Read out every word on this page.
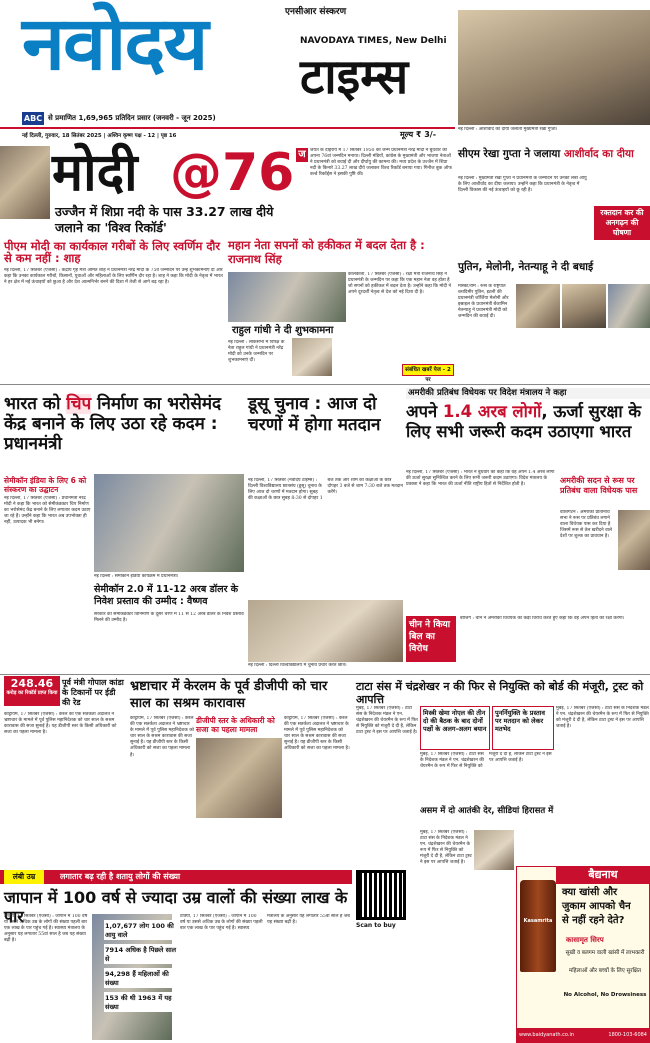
नवोदय	एनसीआर संस्करण
NAVODAYA TIMES, New Delhi
टाइम्स
ABC से प्रमाणित 1,69,965 प्रतिदिन प्रसार (जनवरी - जून 2025)
नई दिल्ली, गुरुवार, 18 सितंबर 2025 | अश्विन कृष्ण पक्ष - 12 | पृष्ठ 16	मूल्य ₹ 3/-
नई दिल्ली : आशीर्वाद का दीया जलाती मुख्यमंत्री रेखा गुप्ता।
मोदी @76
उज्जैन में शिप्रा नदी के पास 33.27 लाख दीये जलाने का 'विश्व रिकॉर्ड'
ज जयंत के दोहराय में 17 सितंबर 1950 को जन्मे प्रधानमंत्री नरेंद्र मोदी ने बुधवार को अपना 76वां जन्मदिन मनाया। दिल्ली मंडियों, कांग्रेस के मुख्यमंत्री और भाजपा नेताओं ने प्रधानमंत्री को बधाई दी और दीर्घायु की कामना की। मध्य प्रदेश के उज्जैन में शिप्रा नदी के किनारे 33.27 लाख दीये जलाकर विश्व रिकॉर्ड बनाया गया। गिनीज बुक ऑफ वर्ल्ड रिकॉर्ड्स ने इसकी पुष्टि की।
पीएम मोदी का कार्यकाल गरीबों के लिए स्वर्णिम दौर से कम नहीं : शाह
नई दिल्ली, 17 सितंबर (एजेंसी) : केंद्रीय गृह मंत्री अमित शाह ने प्रधानमंत्री नरेंद्र मोदी के 75वें जन्मदिन पर उन्हें शुभकामनाएं दीं और कहा कि उनका कार्यकाल गरीबों, किसानों, युवाओं और महिलाओं के लिए स्वर्णिम दौर रहा है। शाह ने कहा कि मोदी के नेतृत्व में भारत ने हर क्षेत्र में नई ऊंचाइयों को छुआ है और देश आत्मनिर्भर बनने की दिशा में तेजी से आगे बढ़ रहा है।
महान नेता सपनों को हकीकत में बदल देता है : राजनाथ सिंह
कोलकाता, 17 सितंबर (एजेंसी) : रक्षा मंत्री राजनाथ सिंह ने प्रधानमंत्री के जन्मदिन पर कहा कि एक महान नेता वह होता है जो सपनों को हकीकत में बदल देता है। उन्होंने कहा कि मोदी ने अपने दूरदर्शी नेतृत्व से देश को नई दिशा दी है।
राहुल गांधी ने दी शुभकामना
नई दिल्ली : लोकसभा में विपक्ष के नेता राहुल गांधी ने प्रधानमंत्री नरेंद्र मोदी को उनके जन्मदिन पर शुभकामनाएं दीं।
संबंधित खबरें पेज - 2 पर
सीएम रेखा गुप्ता ने जलाया आशीर्वाद का दीया
नई दिल्ली : मुख्यमंत्री रेखा गुप्ता ने प्रधानमंत्री के जन्मदिन पर उनकी लंबी आयु के लिए आशीर्वाद का दीया जलाया। उन्होंने कहा कि प्रधानमंत्री के नेतृत्व में दिल्ली विकास की नई ऊंचाइयों को छू रही है।
रक्तदान कर की अनगढ़न की घोषणा
पुतिन, मेलोनी, नेतन्याहू ने दी बधाई
मॉस्को/रोम : रूस के राष्ट्रपति व्लादिमीर पुतिन, इटली की प्रधानमंत्री जॉर्जिया मेलोनी और इस्राइल के प्रधानमंत्री बेंजामिन नेतन्याहू ने प्रधानमंत्री मोदी को जन्मदिन की बधाई दी।
भारत को चिप निर्माण का भरोसेमंद केंद्र बनाने के लिए उठा रहे कदम : प्रधानमंत्री
सेमीकॉन इंडिया के लिए 6 को संस्करण का उद्घाटन
नई दिल्ली, 17 सितंबर (एजेंसी) : प्रधानमंत्री नरेंद्र मोदी ने कहा कि भारत को सेमीकंडक्टर चिप निर्माण का भरोसेमंद केंद्र बनाने के लिए लगातार कदम उठाए जा रहे हैं। उन्होंने कहा कि भारत अब उपभोक्ता ही नहीं, उत्पादक भी बनेगा।
नई दिल्ली : सेमीकॉन इंडिया कार्यक्रम में प्रधानमंत्री।
सेमीकॉन 2.0 में 11-12 अरब डॉलर के निवेश प्रस्ताव की उम्मीद : वैष्णव
सरकार को सेमीकंडक्टर विनिर्माण के दूसरे चरण में 11 से 12 अरब डॉलर के निवेश प्रस्ताव मिलने की उम्मीद है।
डूसू चुनाव : आज दो चरणों में होगा मतदान
नई दिल्ली, 17 सितंबर (नवोदय टाइम्स) : दिल्ली विश्वविद्यालय छात्रसंघ (डूसू) चुनाव के लिए आज दो चरणों में मतदान होगा। सुबह की कक्षाओं के छात्र सुबह 8:30 से दोपहर 1 बजे तक और शाम की कक्षाओं के छात्र दोपहर 3 बजे से शाम 7:30 बजे तक मतदान करेंगे।
नई दिल्ली : दिल्ली विश्वविद्यालय में चुनाव प्रचार करते छात्र।
अमरीकी प्रतिबंध विधेयक पर विदेश मंत्रालय ने कहा
अपने 1.4 अरब लोगों, ऊर्जा सुरक्षा के लिए सभी जरूरी कदम उठाएगा भारत
नई दिल्ली, 17 सितंबर (एजेंसी) : भारत ने बुधवार को कहा कि वह अपने 1.4 अरब लोगों की ऊर्जा सुरक्षा सुनिश्चित करने के लिए सभी जरूरी कदम उठाएगा। विदेश मंत्रालय के प्रवक्ता ने कहा कि भारत की ऊर्जा नीति राष्ट्रीय हितों से निर्देशित होती है।	अमरीकी सदन से रूस पर प्रतिबंध वाला विधेयक पास
वॉशिंगटन : अमरीकी प्रतिनिधि सभा ने रूस पर प्रतिबंध लगाने वाला विधेयक पास कर दिया है जिसमें रूस से तेल खरीदने वाले देशों पर शुल्क का प्रावधान है।
चीन ने किया बिल का विरोध
बीजिंग : चीन ने अमरीकी विधेयक का कड़ा विरोध करते हुए कहा कि वह अपने हितों की रक्षा करेगा।
248.46
करोड़ का रिकॉर्ड प्राप्त किया
पूर्व मंत्री गोपाल कांडा के टिकानों पर ईडी की रेड
कोट्टायम, 17 सितंबर (एजेंसी) : केरल की एक सतर्कता अदालत ने भ्रष्टाचार के मामले में पूर्व पुलिस महानिदेशक को चार साल के सश्रम कारावास की सजा सुनाई है। यह डीजीपी स्तर के किसी अधिकारी को सजा का पहला मामला है।
भ्रष्टाचार में केरलम के पूर्व डीजीपी को चार साल का सश्रम कारावास
डीजीपी स्तर के अधिकारी को सजा का पहला मामला
कोट्टायम, 17 सितंबर (एजेंसी) : केरल की एक सतर्कता अदालत ने भ्रष्टाचार के मामले में पूर्व पुलिस महानिदेशक को चार साल के सश्रम कारावास की सजा सुनाई है। यह डीजीपी स्तर के किसी अधिकारी को सजा का पहला मामला है।
कोट्टायम, 17 सितंबर (एजेंसी) : केरल की एक सतर्कता अदालत ने भ्रष्टाचार के मामले में पूर्व पुलिस महानिदेशक को चार साल के सश्रम कारावास की सजा सुनाई है। यह डीजीपी स्तर के किसी अधिकारी को सजा का पहला मामला है।
टाटा संस में चंद्रशेखर न की फिर से नियुक्ति को बोर्ड की मंजूरी, ट्रस्ट को आपत्ति
मुंबई, 17 सितंबर (एजेंसी) : टाटा संस के निदेशक मंडल ने एन. चंद्रशेखरन की चेयरमैन के रूप में फिर से नियुक्ति को मंजूरी दे दी है, लेकिन टाटा ट्रस्ट ने इस पर आपत्ति जताई है।
मिस्त्री खेमा नोएल की तीन दो की बैठक के बाद दोनों पक्षों के अलग-अलग बयान
पुनर्नियुक्ति के प्रस्ताव पर मतदान को लेकर मतभेद
मुंबई, 17 सितंबर (एजेंसी) : टाटा संस के निदेशक मंडल ने एन. चंद्रशेखरन की चेयरमैन के रूप में फिर से नियुक्ति को मंजूरी दे दी है, लेकिन टाटा ट्रस्ट ने इस पर आपत्ति जताई है।
मुंबई, 17 सितंबर (एजेंसी) : टाटा संस के निदेशक मंडल ने एन. चंद्रशेखरन की चेयरमैन के रूप में फिर से नियुक्ति को मंजूरी दे दी है, लेकिन टाटा ट्रस्ट ने इस पर आपत्ति जताई है।
असम में दो आतंकी देर, सीडियां हिरासत में
मुंबई, 17 सितंबर (एजेंसी) : टाटा संस के निदेशक मंडल ने एन. चंद्रशेखरन की चेयरमैन के रूप में फिर से नियुक्ति को मंजूरी दे दी है, लेकिन टाटा ट्रस्ट ने इस पर आपत्ति जताई है।
Scan to buy
लंबी उम्र	लगातार बढ़ रही है शतायु लोगों की संख्या
जापान में 100 वर्ष से ज्यादा उम्र वालों की संख्या लाख के पार
टोक्यो, 17 सितंबर (एजेंसी) : जापान में 100 वर्ष या उससे अधिक उम्र के लोगों की संख्या पहली बार एक लाख के पार पहुंच गई है। स्वास्थ्य मंत्रालय के अनुसार यह लगातार 55वां साल है जब यह संख्या बढ़ी है।
1,07,677 लोग 100 की आयु वाले
7914 अधिक है पिछले साल से
94,298 हैं महिलाओं की संख्या
153 की थी 1963 में यह संख्या
टोक्यो, 17 सितंबर (एजेंसी) : जापान में 100 वर्ष या उससे अधिक उम्र के लोगों की संख्या पहली बार एक लाख के पार पहुंच गई है। स्वास्थ्य मंत्रालय के अनुसार यह लगातार 55वां साल है जब यह संख्या बढ़ी है।
बैद्यनाथ
क्या खांसी और
जुकाम आपको चैन
से नहीं रहने देते?
Kasamrita
कासामृत सिरप
सूखी व बलगम वाली खांसी में लाभकारी
महिलाओं और बच्चों के लिए सुरक्षित
No Alcohol, No Drowsiness
www.baidyanath.co.in	1800-103-6084
